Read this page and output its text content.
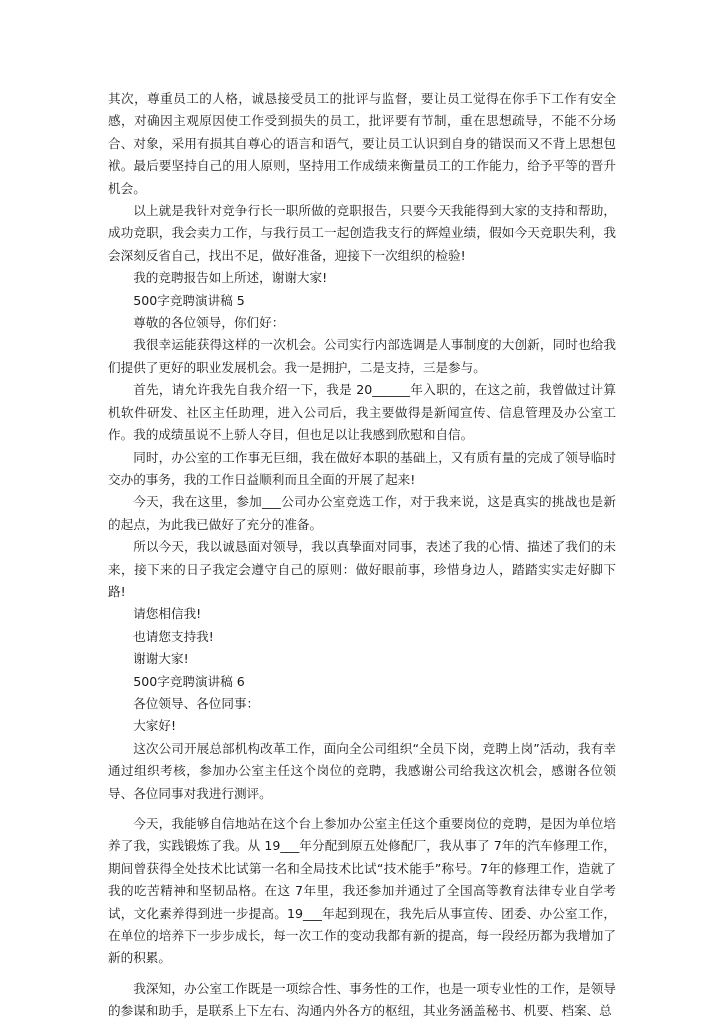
其次，尊重员工的人格，诚恳接受员工的批评与监督，要让员工觉得在你手下工作有安全感，对确因主观原因使工作受到损失的员工，批评要有节制，重在思想疏导，不能不分场合、对象，采用有损其自尊心的语言和语气，要让员工认识到自身的错误而又不背上思想包袱。最后要坚持自己的用人原则，坚持用工作成绩来衡量员工的工作能力，给予平等的晋升机会。

以上就是我针对竞争行长一职所做的竞职报告，只要今天我能得到大家的支持和帮助，成功竞职，我会卖力工作，与我行员工一起创造我支行的辉煌业绩，假如今天竞职失利，我会深刻反省自己，找出不足，做好准备，迎接下一次组织的检验!

我的竞聘报告如上所述，谢谢大家!

500字竞聘演讲稿 5

尊敬的各位领导，你们好：

我很幸运能获得这样的一次机会。公司实行内部选调是人事制度的大创新，同时也给我们提供了更好的职业发展机会。我一是拥护，二是支持，三是参与。

首先，请允许我先自我介绍一下，我是 20______年入职的，在这之前，我曾做过计算机软件研发、社区主任助理，进入公司后，我主要做得是新闻宣传、信息管理及办公室工作。我的成绩虽说不上骄人夺目，但也足以让我感到欣慰和自信。

同时，办公室的工作事无巨细，我在做好本职的基础上，又有质有量的完成了领导临时交办的事务，我的工作日益顺利而且全面的开展了起来!

今天，我在这里，参加___公司办公室竞选工作，对于我来说，这是真实的挑战也是新的起点，为此我已做好了充分的准备。

所以今天，我以诚恳面对领导，我以真挚面对同事，表述了我的心情、描述了我们的未来，接下来的日子我定会遵守自己的原则：做好眼前事，珍惜身边人，踏踏实实走好脚下路!

请您相信我!

也请您支持我!

谢谢大家!

500字竞聘演讲稿 6

各位领导、各位同事：

大家好!

这次公司开展总部机构改革工作，面向全公司组织“全员下岗，竞聘上岗”活动，我有幸通过组织考核，参加办公室主任这个岗位的竞聘，我感谢公司给我这次机会，感谢各位领导、各位同事对我进行测评。

今天，我能够自信地站在这个台上参加办公室主任这个重要岗位的竞聘，是因为单位培养了我，实践锻炼了我。从 19___年分配到原五处修配厂，我从事了 7年的汽车修理工作，期间曾获得全处技术比试第一名和全局技术比试“技术能手”称号。7年的修理工作，造就了我的吃苦精神和坚韧品格。在这 7年里，我还参加并通过了全国高等教育法律专业自学考试，文化素养得到进一步提高。19___年起到现在，我先后从事宣传、团委、办公室工作，在单位的培养下一步步成长，每一次工作的变动我都有新的提高，每一段经历都为我增加了新的积累。

我深知，办公室工作既是一项综合性、事务性的工作，也是一项专业性的工作，是领导的参谋和助手，是联系上下左右、沟通内外各方的枢纽，其业务涵盖秘书、机要、档案、总
